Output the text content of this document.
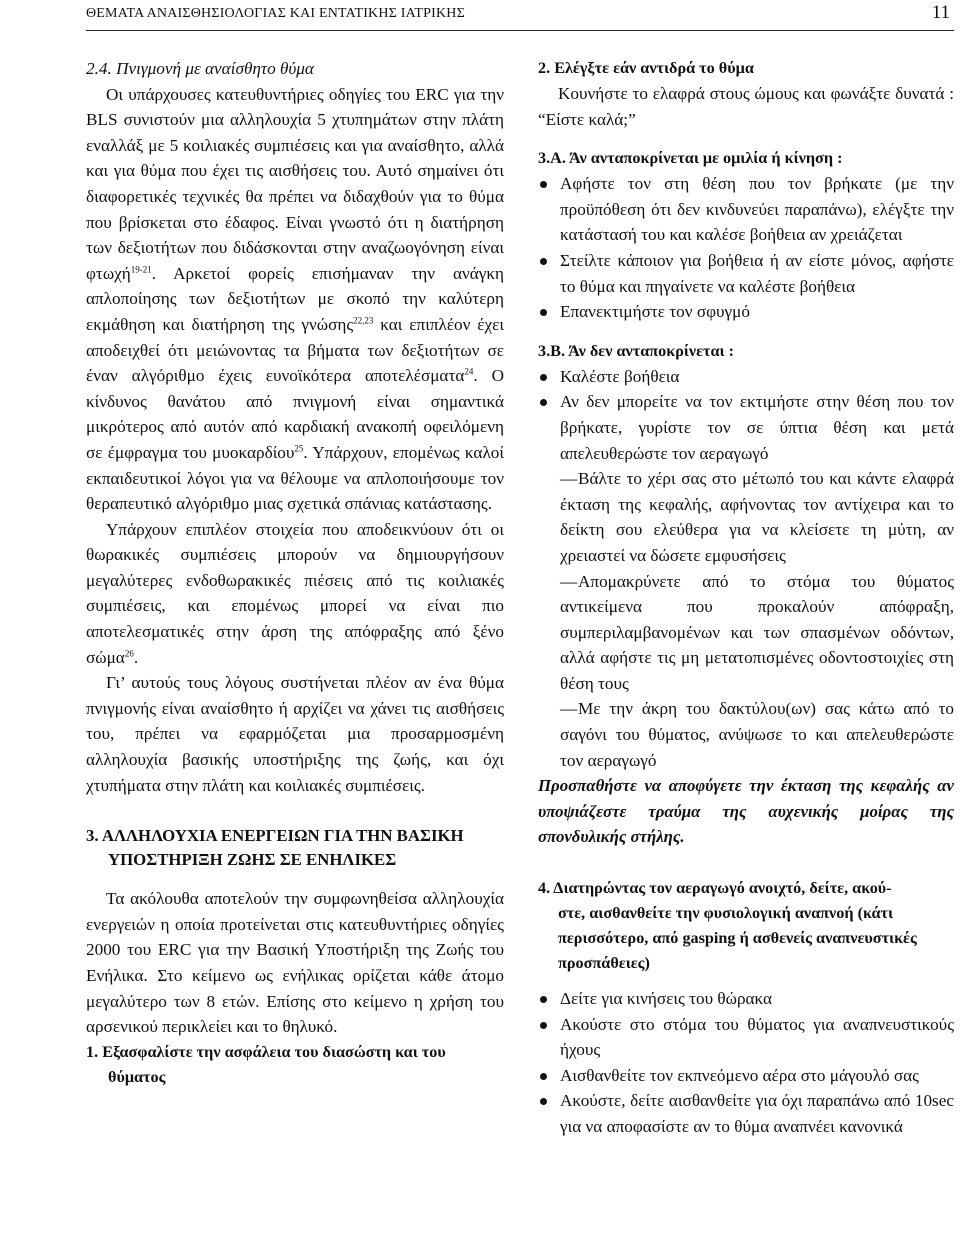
ΘΕΜΑΤΑ ΑΝΑΙΣΘΗΣΙΟΛΟΓΙΑΣ ΚΑΙ ΕΝΤΑΤΙΚΗΣ ΙΑΤΡΙΚΗΣ	11

2.4. Πνιγμονή με αναίσθητο θύμα

Οι υπάρχουσες κατευθυντήριες οδηγίες του ERC για την BLS συνιστούν μια αλληλουχία 5 χτυπημάτων στην πλάτη εναλλάξ με 5 κοιλιακές συμπιέσεις και για αναίσθητο, αλλά και για θύμα που έχει τις αισθήσεις του. Αυτό σημαίνει ότι διαφορετικές τεχνικές θα πρέπει να διδαχθούν για το θύμα που βρίσκεται στο έδαφος. Είναι γνωστό ότι η διατήρηση των δεξιοτήτων που διδάσκονται στην αναζωογόνηση είναι φτωχή$^{19-21}$. Αρκετοί φορείς επισήμαναν την ανάγκη απλοποίησης των δεξιοτήτων με σκοπό την καλύτερη εκμάθηση και διατήρηση της γνώσης$^{22,23}$ και επιπλέον έχει αποδειχθεί ότι μειώνοντας τα βήματα των δεξιοτήτων σε έναν αλγόριθμο έχεις ευνοϊκότερα αποτελέσματα$^{24}$. Ο κίνδυνος θανάτου από πνιγμονή είναι σημαντικά μικρότερος από αυτόν από καρδιακή ανακοπή οφειλόμενη σε έμφραγμα του μυοκαρδίου$^{25}$. Υπάρχουν, επομένως καλοί εκπαιδευτικοί λόγοι για να θέλουμε να απλοποιήσουμε τον θεραπευτικό αλγόριθμο μιας σχετικά σπάνιας κατάστασης.

Υπάρχουν επιπλέον στοιχεία που αποδεικνύουν ότι οι θωρακικές συμπιέσεις μπορούν να δημιουργήσουν μεγαλύτερες ενδοθωρακικές πιέσεις από τις κοιλιακές συμπιέσεις, και επομένως μπορεί να είναι πιο αποτελεσματικές στην άρση της απόφραξης από ξένο σώμα$^{26}$.

Γι’ αυτούς τους λόγους συστήνεται πλέον αν ένα θύμα πνιγμονής είναι αναίσθητο ή αρχίζει να χάνει τις αισθήσεις του, πρέπει να εφαρμόζεται μια προσαρμοσμένη αλληλουχία βασικής υποστήριξης της ζωής, και όχι χτυπήματα στην πλάτη και κοιλιακές συμπιέσεις.

3. ΑΛΛΗΛΟΥΧΙΑ ΕΝΕΡΓΕΙΩΝ ΓΙΑ ΤΗΝ ΒΑΣΙΚΗ
ΥΠΟΣΤΗΡΙΞΗ ΖΩΗΣ ΣΕ ΕΝΗΛΙΚΕΣ

Τα ακόλουθα αποτελούν την συμφωνηθείσα αλληλουχία ενεργειών η οποία προτείνεται στις κατευθυντήριες οδηγίες 2000 του ERC για την Βασική Υποστήριξη της Ζωής του Ενήλικα. Στο κείμενο ως ενήλικας ορίζεται κάθε άτομο μεγαλύτερο των 8 ετών. Επίσης στο κείμενο η χρήση του αρσενικού περικλείει και το θηλυκό.

1. Εξασφαλίστε την ασφάλεια του διασώστη και του
θύματος

2. Ελέγξτε εάν αντιδρά το θύμα

Κουνήστε το ελαφρά στους ώμους και φωνάξτε δυνατά : “Είστε καλά;”

3.Α. Άν ανταποκρίνεται με ομιλία ή κίνηση :

Αφήστε τον στη θέση που τον βρήκατε (με την προϋπόθεση ότι δεν κινδυνεύει παραπάνω), ελέγξτε την κατάστασή του και καλέσε βοήθεια αν χρειάζεται
Στείλτε κάποιον για βοήθεια ή αν είστε μόνος, αφήστε το θύμα και πηγαίνετε να καλέστε βοήθεια
Επανεκτιμήστε τον σφυγμό

3.Β. Άν δεν ανταποκρίνεται :

Καλέστε βοήθεια
Αν δεν μπορείτε να τον εκτιμήστε στην θέση που τον βρήκατε, γυρίστε τον σε ύπτια θέση και μετά απελευθερώστε τον αεραγωγό

—Βάλτε το χέρι σας στο μέτωπό του και κάντε ελαφρά έκταση της κεφαλής, αφήνοντας τον αντίχειρα και το δείκτη σου ελεύθερα για να κλείσετε τη μύτη, αν χρειαστεί να δώσετε εμφυσήσεις

—Απομακρύνετε από το στόμα του θύματος αντικείμενα που προκαλούν απόφραξη, συμπεριλαμβανομένων και των σπασμένων οδόντων, αλλά αφήστε τις μη μετατοπισμένες οδοντοστοιχίες στη θέση τους

—Με την άκρη του δακτύλου(ων) σας κάτω από το σαγόνι του θύματος, ανύψωσε το και απελευθερώστε τον αεραγωγό

Προσπαθήστε να αποφύγετε την έκταση της κεφαλής αν υποψιάζεστε τραύμα της αυχενικής μοίρας της σπονδυλικής στήλης.

4. Διατηρώντας τον αεραγωγό ανοιχτό, δείτε, ακού-
στε, αισθανθείτε την φυσιολογική αναπνοή (κάτι περισσότερο, από gasping ή ασθενείς αναπνευστικές προσπάθειες)

Δείτε για κινήσεις του θώρακα
Ακούστε στο στόμα του θύματος για αναπνευστικούς ήχους
Αισθανθείτε τον εκπνεόμενο αέρα στο μάγουλό σας
Ακούστε, δείτε αισθανθείτε για όχι παραπάνω από 10sec για να αποφασίστε αν το θύμα αναπνέει κανονικά
